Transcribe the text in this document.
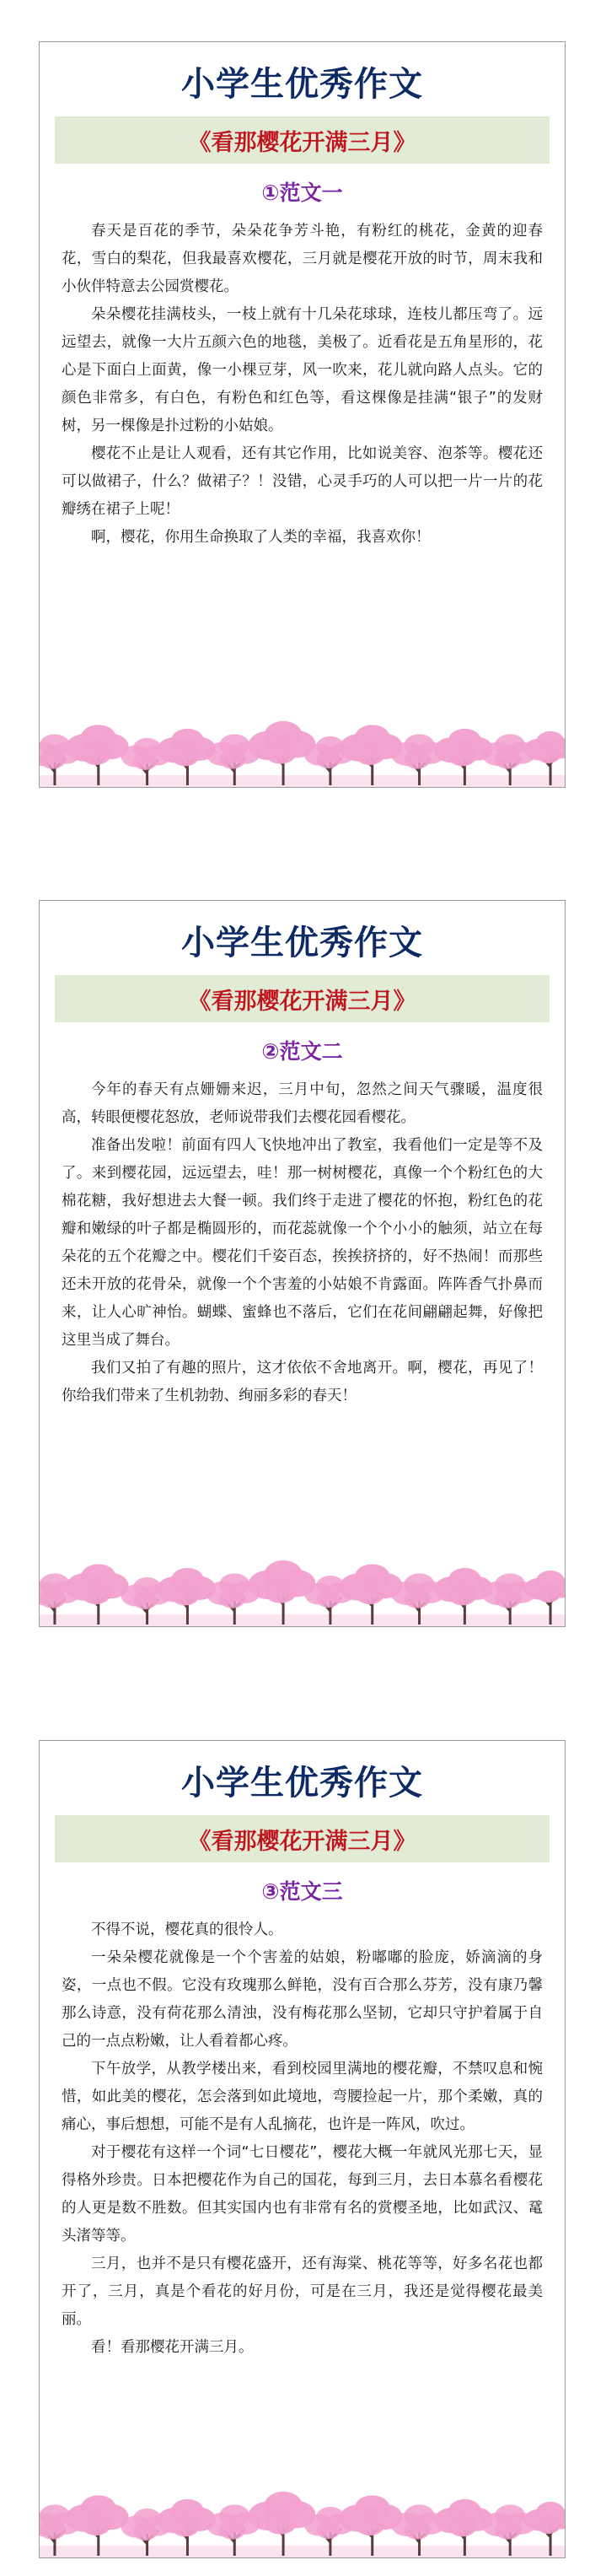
小学生优秀作文
《看那樱花开满三月》
①范文一

春天是百花的季节，朵朵花争芳斗艳，有粉红的桃花，金黄的迎春花，雪白的梨花，但我最喜欢樱花，三月就是樱花开放的时节，周末我和小伙伴特意去公园赏樱花。

朵朵樱花挂满枝头，一枝上就有十几朵花球球，连枝儿都压弯了。远远望去，就像一大片五颜六色的地毯，美极了。近看花是五角星形的，花心是下面白上面黄，像一小棵豆芽，风一吹来，花儿就向路人点头。它的颜色非常多，有白色，有粉色和红色等，看这棵像是挂满“银子”的发财树，另一棵像是扑过粉的小姑娘。

樱花不止是让人观看，还有其它作用，比如说美容、泡茶等。樱花还可以做裙子，什么？做裙子？！没错，心灵手巧的人可以把一片一片的花瓣绣在裙子上呢！

啊，樱花，你用生命换取了人类的幸福，我喜欢你！

小学生优秀作文
《看那樱花开满三月》
②范文二

今年的春天有点姗姗来迟，三月中旬，忽然之间天气骤暖，温度很高，转眼便樱花怒放，老师说带我们去樱花园看樱花。

准备出发啦！前面有四人飞快地冲出了教室，我看他们一定是等不及了。来到樱花园，远远望去，哇！那一树树樱花，真像一个个粉红色的大棉花糖，我好想进去大餐一顿。我们终于走进了樱花的怀抱，粉红色的花瓣和嫩绿的叶子都是椭圆形的，而花蕊就像一个个小小的触须，站立在每朵花的五个花瓣之中。樱花们千姿百态，挨挨挤挤的，好不热闹！而那些还未开放的花骨朵，就像一个个害羞的小姑娘不肯露面。阵阵香气扑鼻而来，让人心旷神怡。蝴蝶、蜜蜂也不落后，它们在花间翩翩起舞，好像把这里当成了舞台。

我们又拍了有趣的照片，这才依依不舍地离开。啊，樱花，再见了！你给我们带来了生机勃勃、绚丽多彩的春天！

小学生优秀作文
《看那樱花开满三月》
③范文三

不得不说，樱花真的很怜人。

一朵朵樱花就像是一个个害羞的姑娘，粉嘟嘟的脸庞，娇滴滴的身姿，一点也不假。它没有玫瑰那么鲜艳，没有百合那么芬芳，没有康乃馨那么诗意，没有荷花那么清浊，没有梅花那么坚韧，它却只守护着属于自己的一点点粉嫩，让人看着都心疼。

下午放学，从教学楼出来，看到校园里满地的樱花瓣，不禁叹息和惋惜，如此美的樱花，怎会落到如此境地，弯腰捡起一片，那个柔嫩，真的痛心，事后想想，可能不是有人乱摘花，也许是一阵风，吹过。

对于樱花有这样一个词“七日樱花”，樱花大概一年就风光那七天，显得格外珍贵。日本把樱花作为自己的国花，每到三月，去日本慕名看樱花的人更是数不胜数。但其实国内也有非常有名的赏樱圣地，比如武汉、鼋头渚等等。

三月，也并不是只有樱花盛开，还有海棠、桃花等等，好多名花也都开了，三月，真是个看花的好月份，可是在三月，我还是觉得樱花最美丽。

看！看那樱花开满三月。
